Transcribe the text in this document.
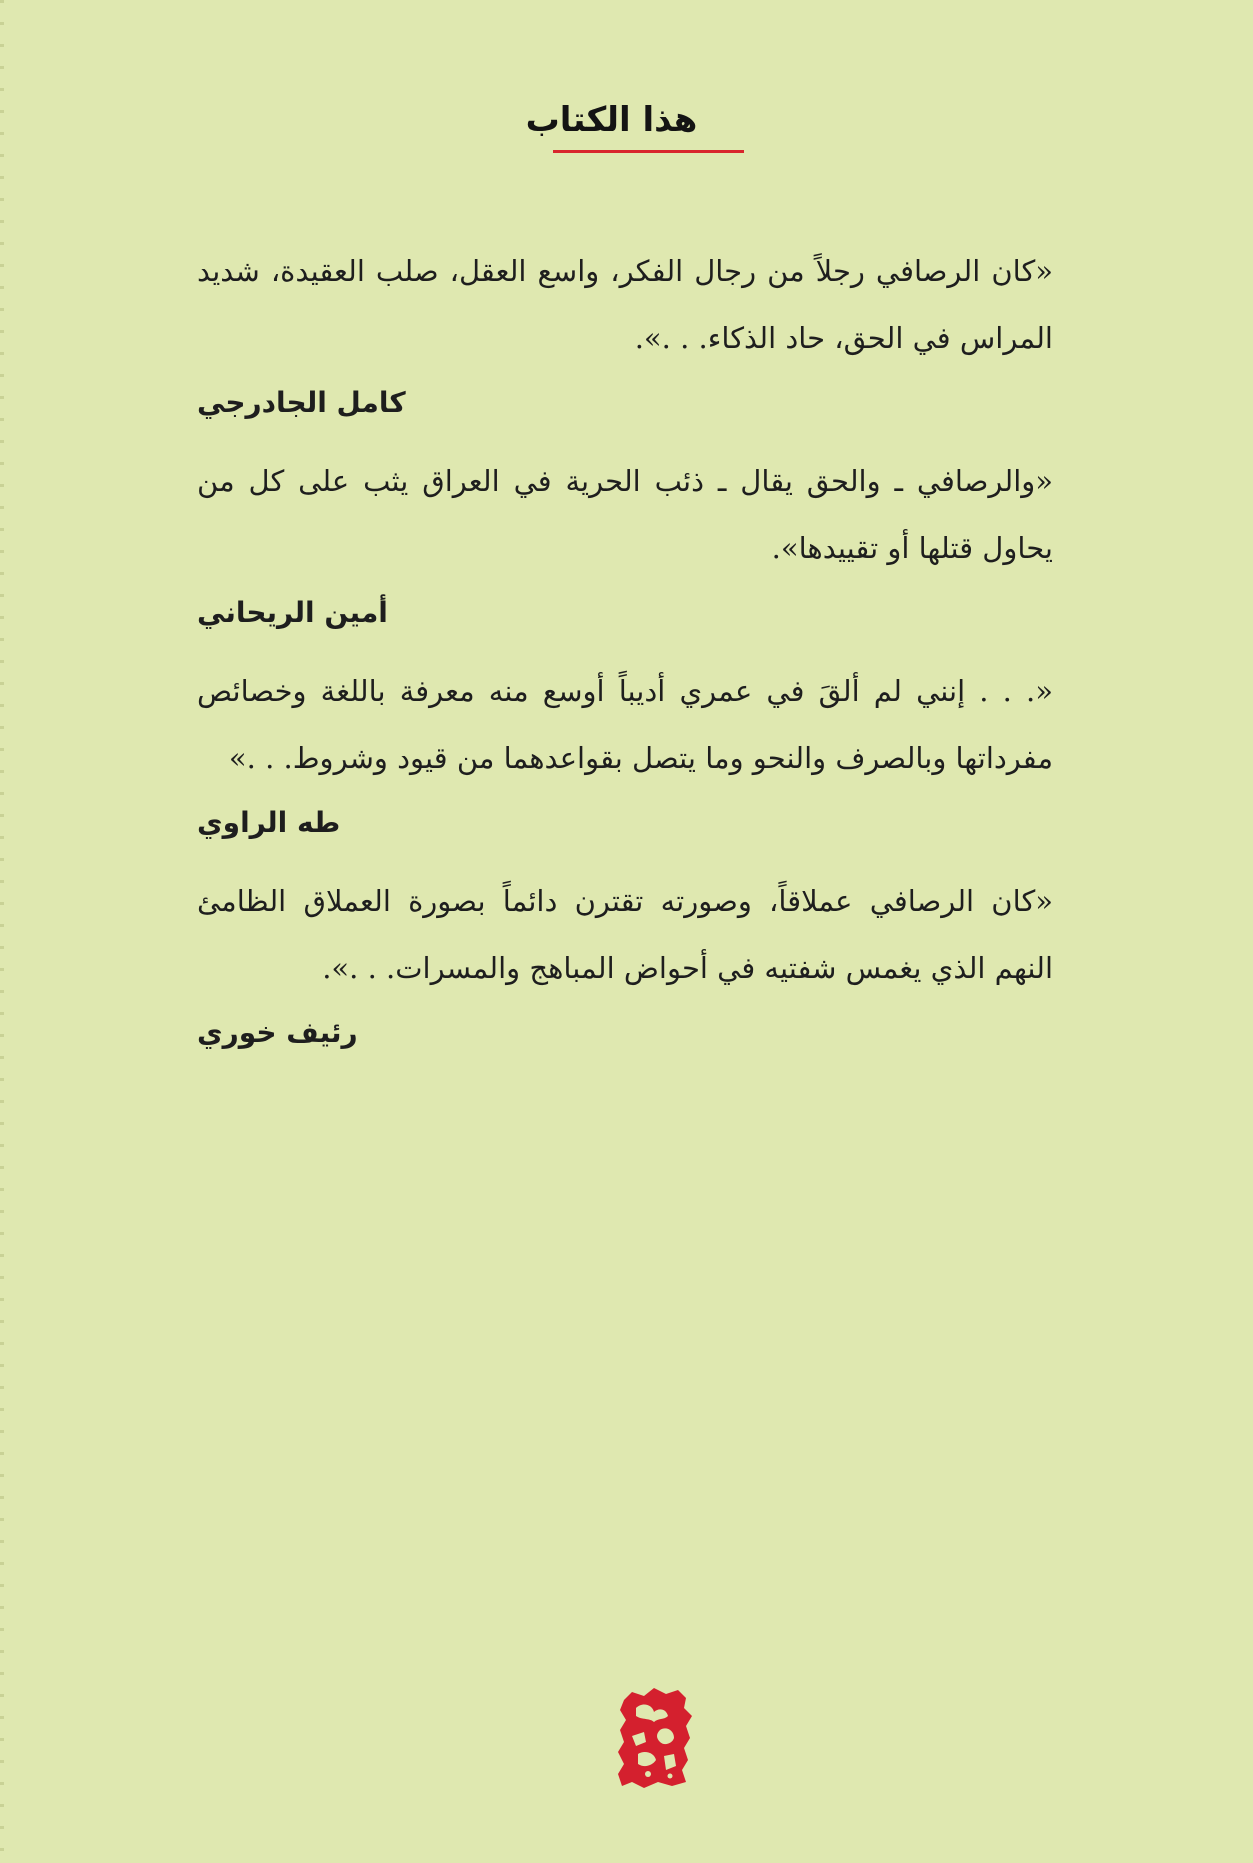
هذا الكتاب

«كان الرصافي رجلاً من رجال الفكر، واسع العقل، صلب العقيدة، شديد المراس في الحق، حاد الذكاء. . .».

كامل الجادرجي

«والرصافي ـ والحق يقال ـ ذئب الحرية في العراق يثب على كل من يحاول قتلها أو تقييدها».

أمين الريحاني

«. . . إنني لم ألقَ في عمري أديباً أوسع منه معرفة باللغة وخصائص مفرداتها وبالصرف والنحو وما يتصل بقواعدهما من قيود وشروط. . .»

طه الراوي

«كان الرصافي عملاقاً، وصورته تقترن دائماً بصورة العملاق الظامئ النهم الذي يغمس شفتيه في أحواض المباهج والمسرات. . .».

رئيف خوري
